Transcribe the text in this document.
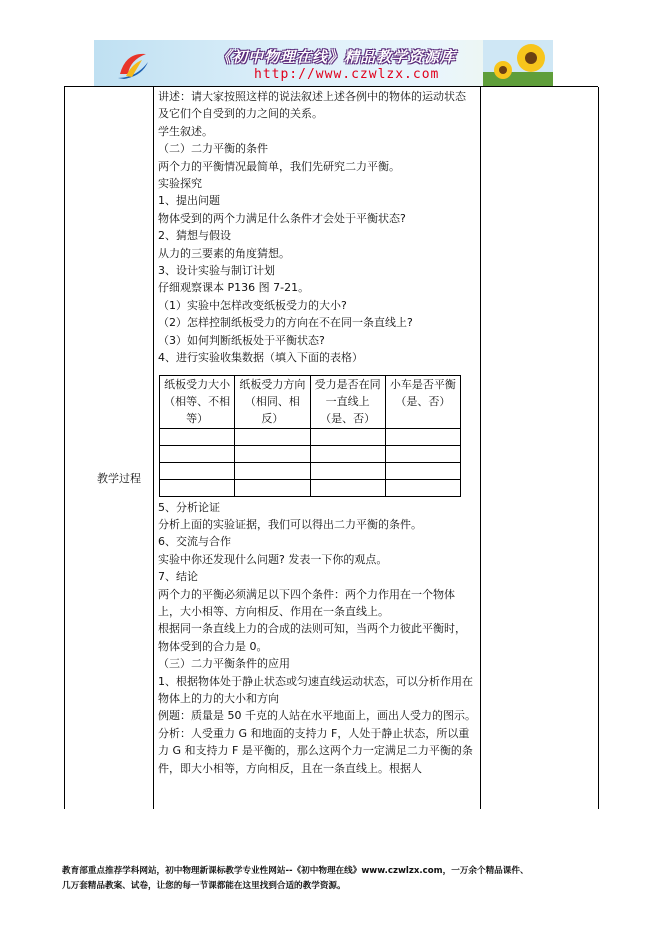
《初中物理在线》精品教学资源库
http://www.czwlzx.com
教学过程
讲述：请大家按照这样的说法叙述上述各例中的物体的运动状态及它们个自受到的力之间的关系。
学生叙述。
（二）二力平衡的条件
两个力的平衡情况最简单，我们先研究二力平衡。
实验探究
1、提出问题
物体受到的两个力满足什么条件才会处于平衡状态?
2、猜想与假设
从力的三要素的角度猜想。
3、设计实验与制订计划
仔细观察课本 P136 图 7-21。
（1）实验中怎样改变纸板受力的大小?
（2）怎样控制纸板受力的方向在不在同一条直线上?
（3）如何判断纸板处于平衡状态?
4、进行实验收集数据（填入下面的表格）
纸板受力大小（相等、不相等）	纸板受力方向（相同、相反）	受力是否在同一直线上（是、否）	小车是否平衡（是、否）

5、分析论证
分析上面的实验证据，我们可以得出二力平衡的条件。
6、交流与合作
实验中你还发现什么问题? 发表一下你的观点。
7、结论
两个力的平衡必须满足以下四个条件：两个力作用在一个物体上，大小相等、方向相反、作用在一条直线上。
根据同一条直线上力的合成的法则可知，当两个力彼此平衡时，物体受到的合力是 0。
（三）二力平衡条件的应用
1、根据物体处于静止状态或匀速直线运动状态，可以分析作用在物体上的力的大小和方向
例题：质量是 50 千克的人站在水平地面上，画出人受力的图示。
分析：人受重力 G 和地面的支持力 F，人处于静止状态，所以重力 G 和支持力 F 是平衡的，那么这两个力一定满足二力平衡的条件，即大小相等，方向相反，且在一条直线上。根据人
教育部重点推荐学科网站，初中物理新课标教学专业性网站--《初中物理在线》www.czwlzx.com，一万余个精品课件、
几万套精品教案、试卷，让您的每一节课都能在这里找到合适的教学资源。
